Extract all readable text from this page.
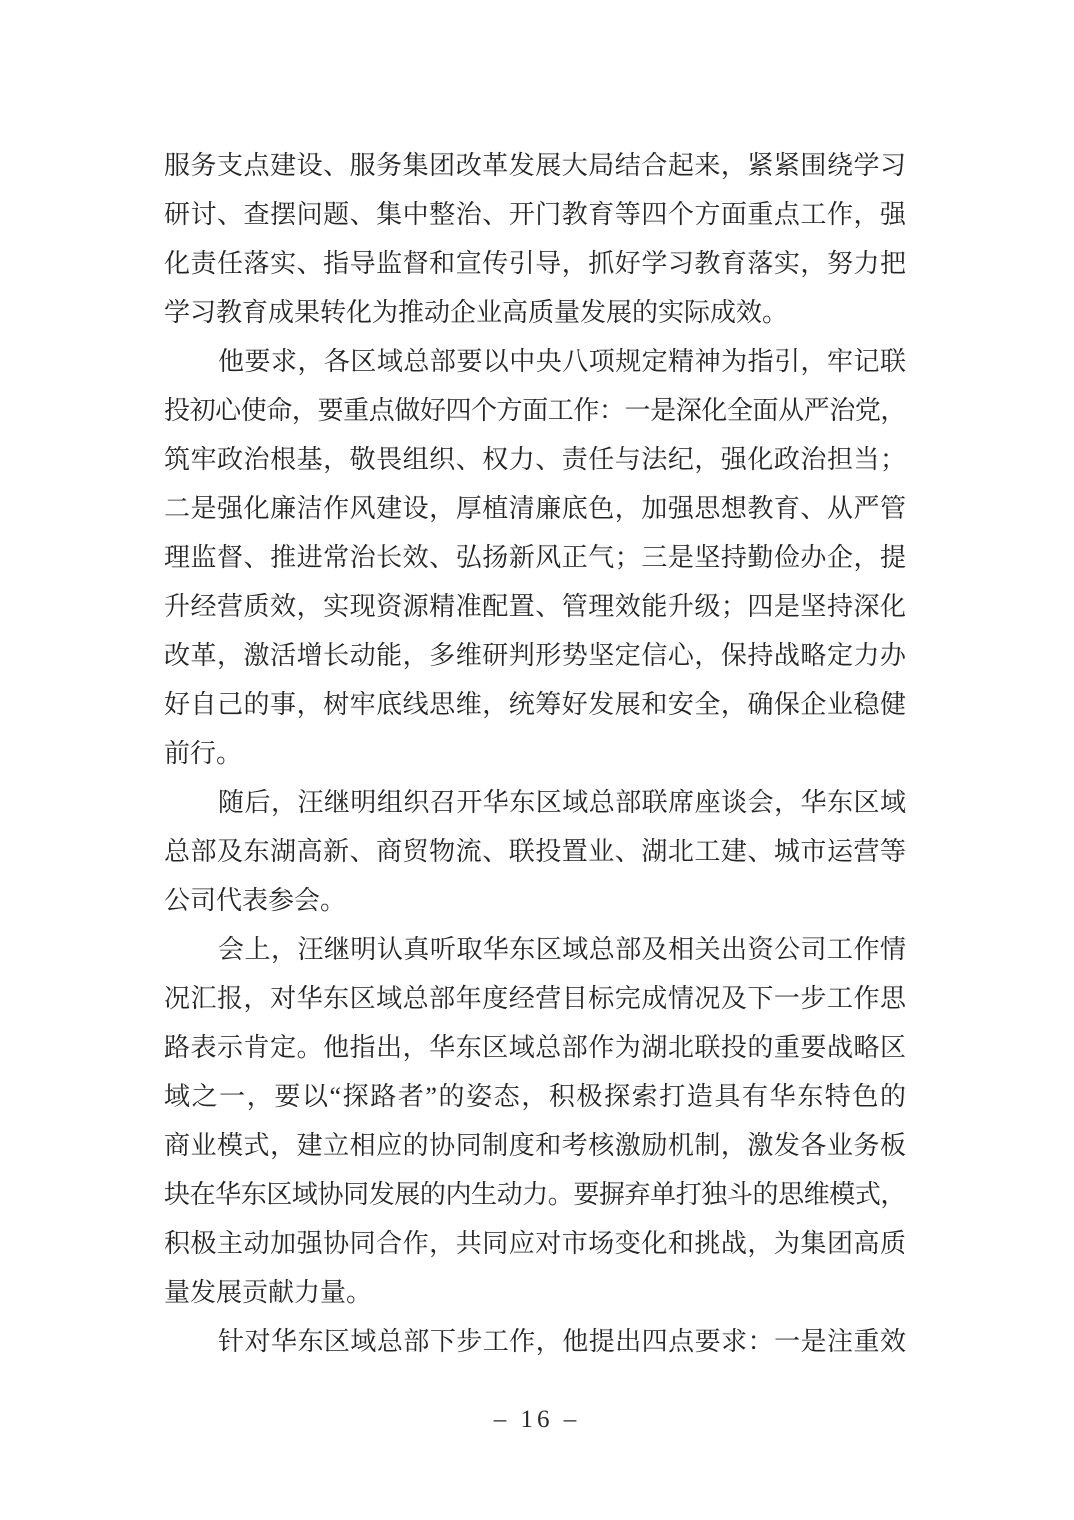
服务支点建设、服务集团改革发展大局结合起来，紧紧围绕学习
研讨、查摆问题、集中整治、开门教育等四个方面重点工作，强
化责任落实、指导监督和宣传引导，抓好学习教育落实，努力把
学习教育成果转化为推动企业高质量发展的实际成效。
他要求，各区域总部要以中央八项规定精神为指引，牢记联
投初心使命，要重点做好四个方面工作：一是深化全面从严治党，
筑牢政治根基，敬畏组织、权力、责任与法纪，强化政治担当；
二是强化廉洁作风建设，厚植清廉底色，加强思想教育、从严管
理监督、推进常治长效、弘扬新风正气；三是坚持勤俭办企，提
升经营质效，实现资源精准配置、管理效能升级；四是坚持深化
改革，激活增长动能，多维研判形势坚定信心，保持战略定力办
好自己的事，树牢底线思维，统筹好发展和安全，确保企业稳健
前行。
随后，汪继明组织召开华东区域总部联席座谈会，华东区域
总部及东湖高新、商贸物流、联投置业、湖北工建、城市运营等
公司代表参会。
会上，汪继明认真听取华东区域总部及相关出资公司工作情
况汇报，对华东区域总部年度经营目标完成情况及下一步工作思
路表示肯定。他指出，华东区域总部作为湖北联投的重要战略区
域之一，要以“探路者”的姿态，积极探索打造具有华东特色的
商业模式，建立相应的协同制度和考核激励机制，激发各业务板
块在华东区域协同发展的内生动力。要摒弃单打独斗的思维模式，
积极主动加强协同合作，共同应对市场变化和挑战，为集团高质
量发展贡献力量。
针对华东区域总部下步工作，他提出四点要求：一是注重效
– 16 –
